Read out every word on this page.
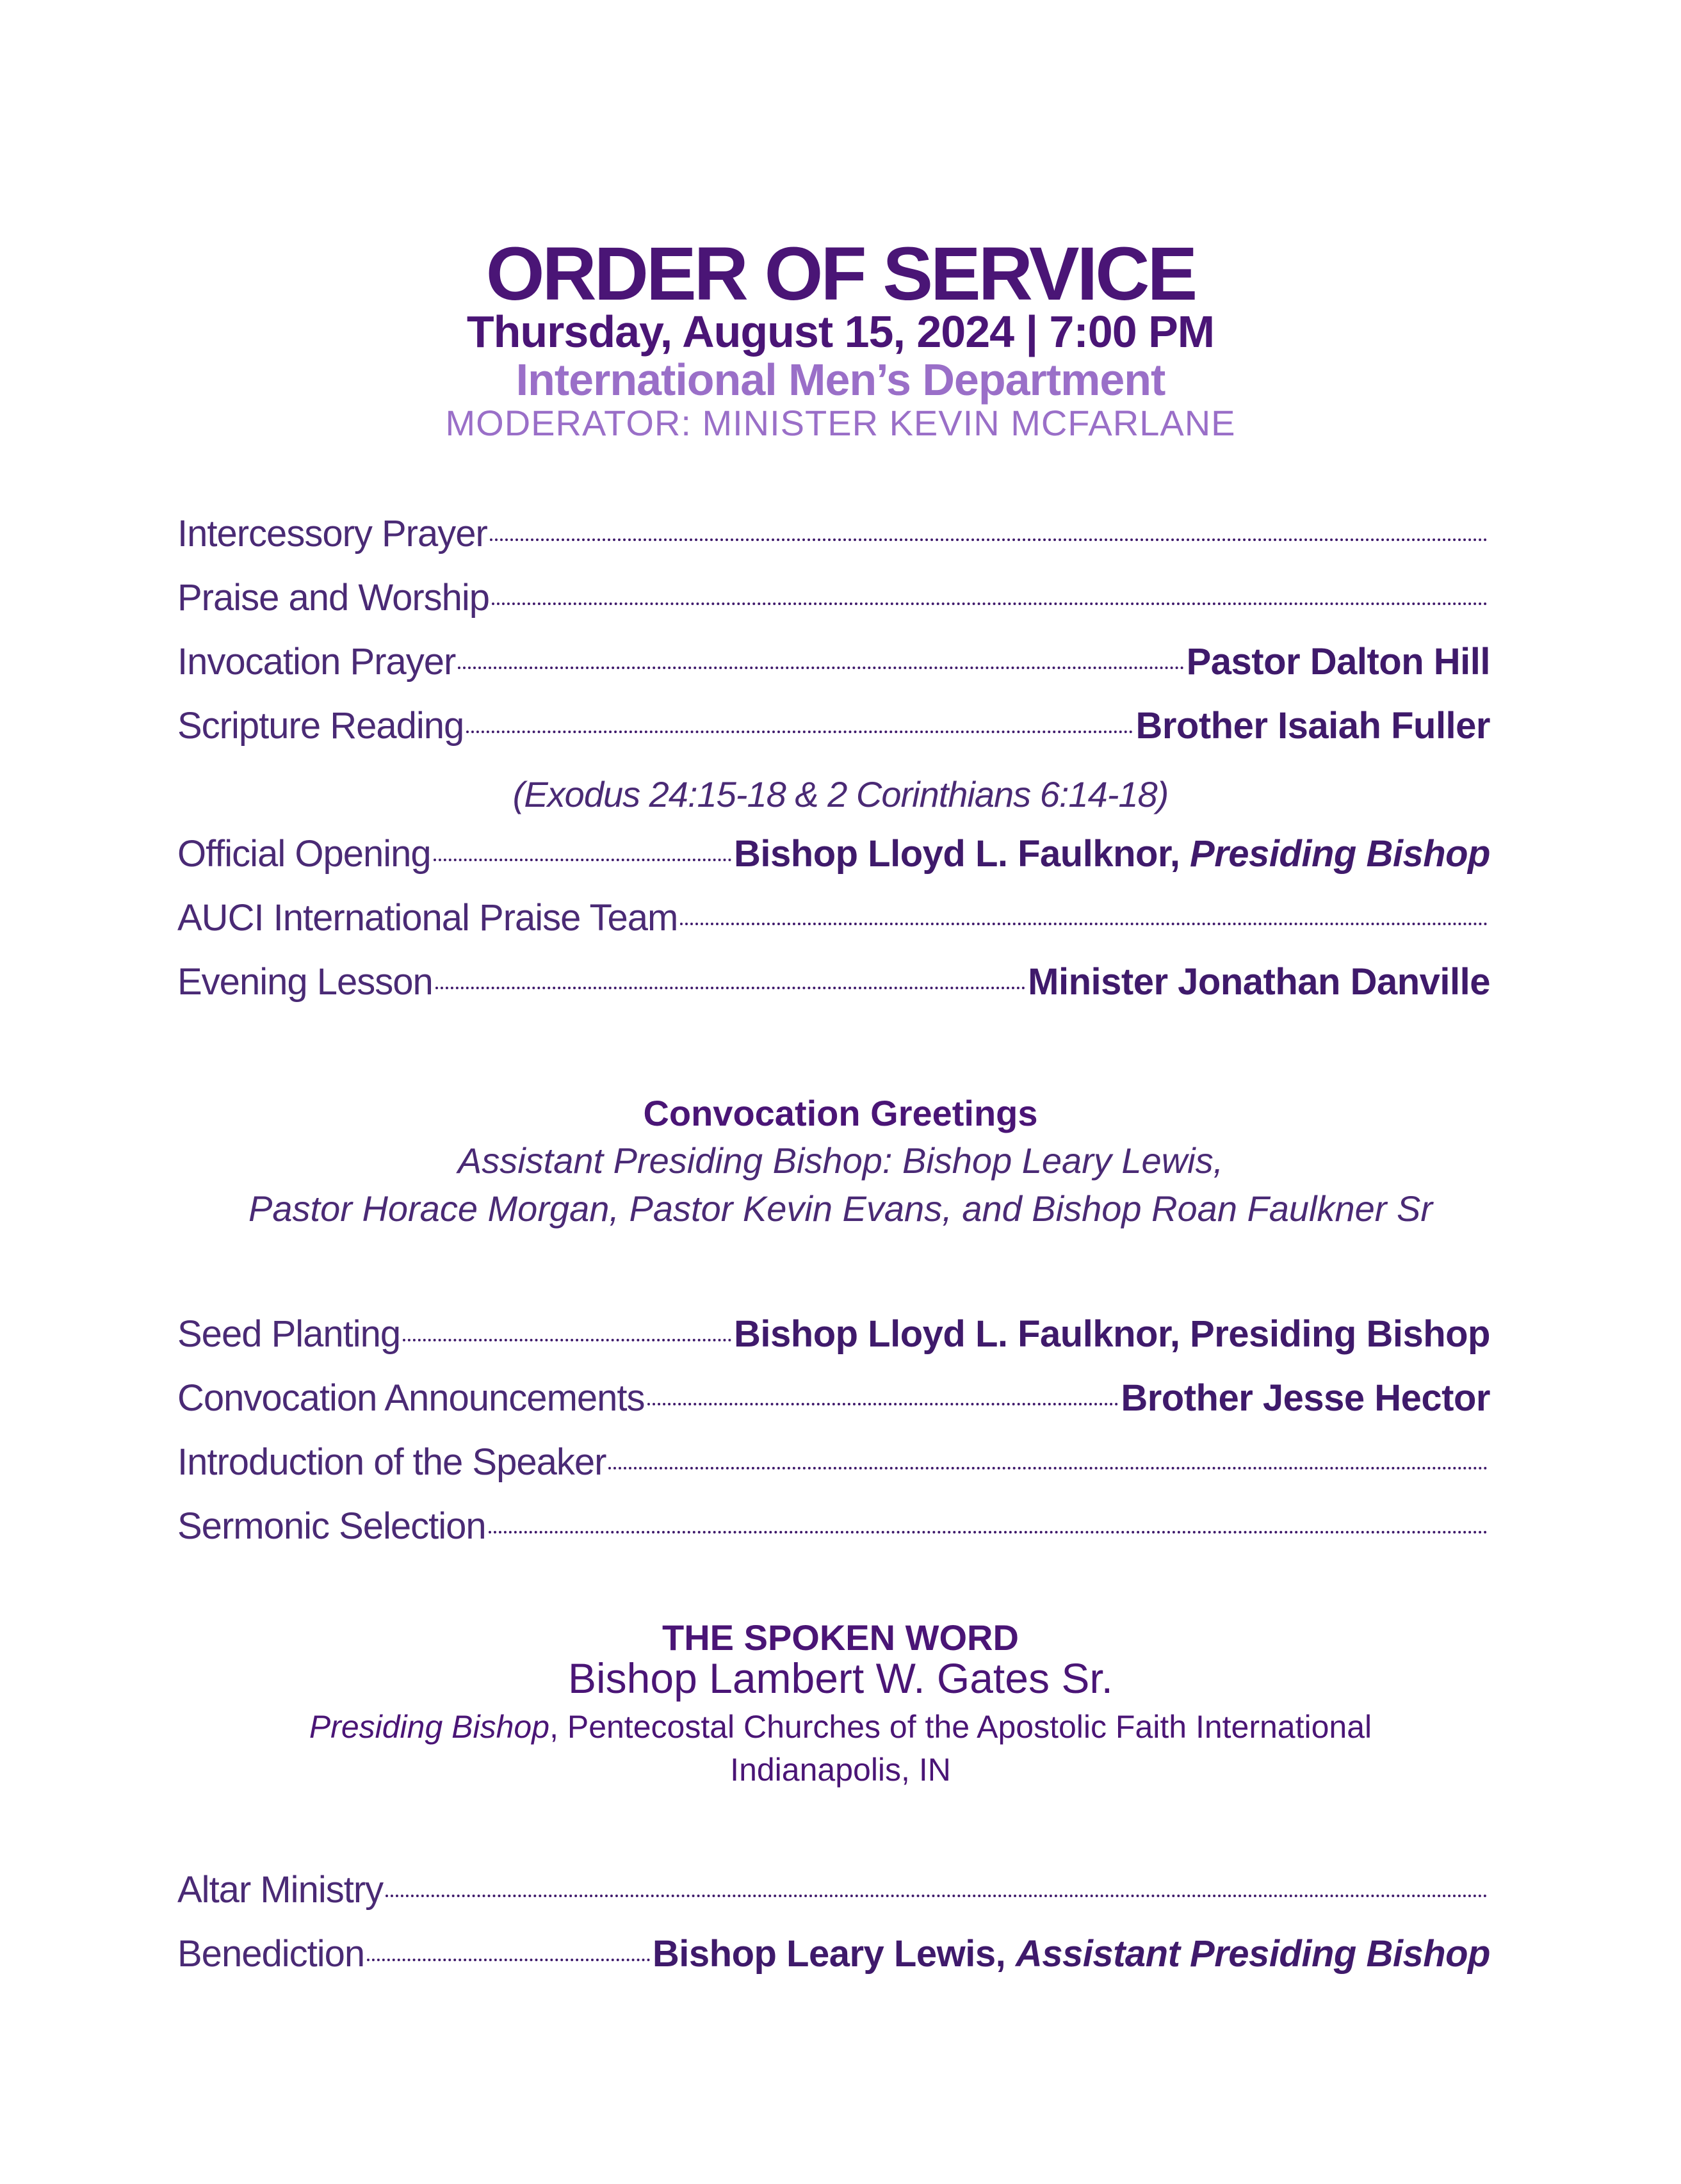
ORDER OF SERVICE
Thursday, August 15, 2024 | 7:00 PM
International Men’s Department
MODERATOR: MINISTER KEVIN MCFARLANE
Intercessory Prayer
Praise and Worship
Invocation Prayer	Pastor Dalton Hill
Scripture Reading	Brother Isaiah Fuller
(Exodus 24:15-18 & 2 Corinthians 6:14-18)
Official Opening	Bishop Lloyd L. Faulknor, Presiding Bishop
AUCI International Praise Team
Evening Lesson	Minister Jonathan Danville
Convocation Greetings
Assistant Presiding Bishop: Bishop Leary Lewis,
Pastor Horace Morgan, Pastor Kevin Evans, and Bishop Roan Faulkner Sr
Seed Planting	Bishop Lloyd L. Faulknor, Presiding Bishop
Convocation Announcements	Brother Jesse Hector
Introduction of the Speaker
Sermonic Selection
THE SPOKEN WORD
Bishop Lambert W. Gates Sr.
Presiding Bishop, Pentecostal Churches of the Apostolic Faith International
Indianapolis, IN
Altar Ministry
Benediction	Bishop Leary Lewis, Assistant Presiding Bishop
